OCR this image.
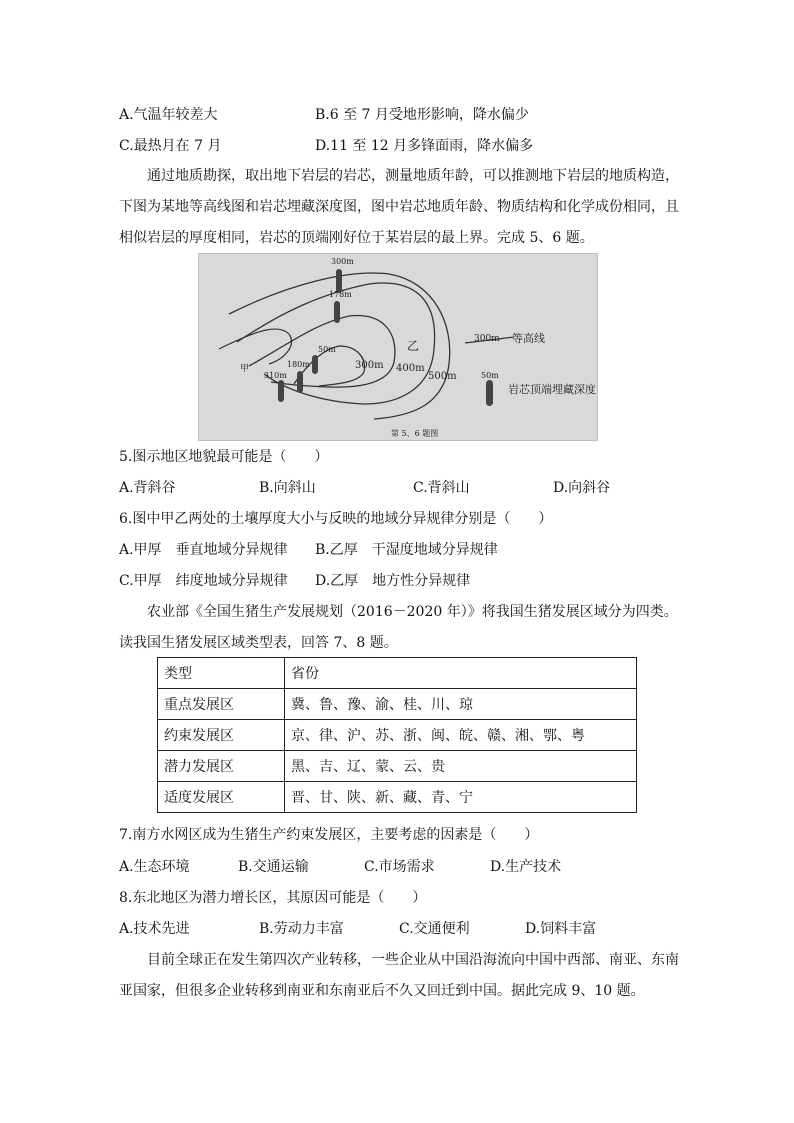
A.气温年较差大	B.6 至 7 月受地形影响，降水偏少
C.最热月在 7 月	D.11 至 12 月多锋面雨，降水偏多
通过地质勘探，取出地下岩层的岩芯，测量地质年龄，可以推测地下岩层的地质构造，下图为某地等高线图和岩芯埋藏深度图，图中岩芯地质年龄、物质结构和化学成份相同，且相似岩层的厚度相同，岩芯的顶端刚好位于某岩层的最上界。完成 5、6 题。
300m 400m
500m
乙
甲
300m
178m
50m
180m
310m
300m 等高线
50m
岩芯顶端埋藏深度
第 5、6 题图
5.图示地区地貌最可能是（　　）
A.背斜谷	B.向斜山	C.背斜山	D.向斜谷
6.图中甲乙两处的土壤厚度大小与反映的地域分异规律分别是（　　）
A.甲厚　垂直地域分异规律 B.乙厚　干湿度地域分异规律
C.甲厚　纬度地域分异规律 D.乙厚　地方性分异规律
农业部《全国生猪生产发展规划（2016－2020 年）》将我国生猪发展区域分为四类。读我国生猪发展区域类型表，回答 7、8 题。
类型	省份
重点发展区	冀、鲁、豫、渝、桂、川、琼
约束发展区	京、律、沪、苏、浙、闽、皖、赣、湘、鄂、粤
潜力发展区	黑、吉、辽、蒙、云、贵
适度发展区	晋、甘、陕、新、藏、青、宁
7.南方水网区成为生猪生产约束发展区，主要考虑的因素是（　　）
A.生态环境	B.交通运输	C.市场需求	D.生产技术
8.东北地区为潜力增长区，其原因可能是（　　）
A.技术先进	B.劳动力丰富	C.交通便利	D.饲料丰富
目前全球正在发生第四次产业转移，一些企业从中国沿海流向中国中西部、南亚、东南亚国家，但很多企业转移到南亚和东南亚后不久又回迁到中国。据此完成 9、10 题。
